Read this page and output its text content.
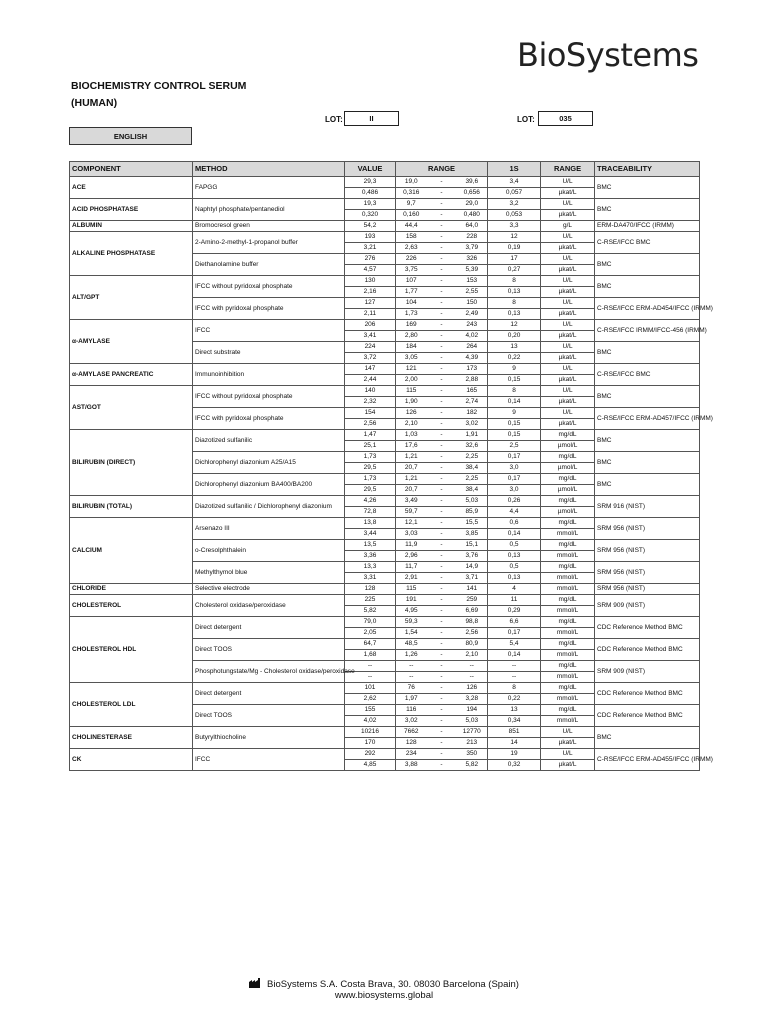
BioSystems
BIOCHEMISTRY CONTROL SERUM
(HUMAN)
LOT:	II	LOT:	035
ENGLISH
COMPONENT	METHOD	VALUE	RANGE			1S	RANGE	TRACEABILITY
ACE	FAPGG	29,3	19,0	-	39,6	3,4	U/L	BMC
		0,486	0,316	-	0,656	0,057	µkat/L	
ACID PHOSPHATASE	Naphtyl phosphate/pentanediol	19,3	9,7	-	29,0	3,2	U/L	BMC
		0,320	0,160	-	0,480	0,053	µkat/L	
ALBUMIN	Bromocresol green	54,2	44,4	-	64,0	3,3	g/L	ERM-DA470/IFCC (IRMM)
ALKALINE PHOSPHATASE	2-Amino-2-methyl-1-propanol buffer	193	158	-	228	12	U/L	C-RSE/IFCC BMC
		3,21	2,63	-	3,79	0,19	µkat/L	
	Diethanolamine buffer	276	226	-	326	17	U/L	BMC
		4,57	3,75	-	5,39	0,27	µkat/L	
ALT/GPT	IFCC without pyridoxal phosphate	130	107	-	153	8	U/L	BMC
		2,16	1,77	-	2,55	0,13	µkat/L	
	IFCC with pyridoxal phosphate	127	104	-	150	8	U/L	C-RSE/IFCC ERM-AD454/IFCC (IRMM)
		2,11	1,73	-	2,49	0,13	µkat/L	
α-AMYLASE	IFCC	206	169	-	243	12	U/L	C-RSE/IFCC IRMM/IFCC-456 (IRMM)
		3,41	2,80	-	4,02	0,20	µkat/L	
	Direct substrate	224	184	-	264	13	U/L	BMC
		3,72	3,05	-	4,39	0,22	µkat/L	
α-AMYLASE PANCREATIC	Immunoinhibition	147	121	-	173	9	U/L	C-RSE/IFCC BMC
		2,44	2,00	-	2,88	0,15	µkat/L	
AST/GOT	IFCC without pyridoxal phosphate	140	115	-	165	8	U/L	BMC
		2,32	1,90	-	2,74	0,14	µkat/L	
	IFCC with pyridoxal phosphate	154	126	-	182	9	U/L	C-RSE/IFCC ERM-AD457/IFCC (IRMM)
		2,56	2,10	-	3,02	0,15	µkat/L	
BILIRUBIN (DIRECT)	Diazotized sulfanilic	1,47	1,03	-	1,91	0,15	mg/dL	BMC
		25,1	17,6	-	32,6	2,5	µmol/L	
	Dichlorophenyl diazonium A25/A15	1,73	1,21	-	2,25	0,17	mg/dL	BMC
		29,5	20,7	-	38,4	3,0	µmol/L	
	Dichlorophenyl diazonium BA400/BA200	1,73	1,21	-	2,25	0,17	mg/dL	BMC
		29,5	20,7	-	38,4	3,0	µmol/L	
BILIRUBIN (TOTAL)	Diazotized sulfanilic / Dichlorophenyl diazonium	4,26	3,49	-	5,03	0,26	mg/dL	SRM 916 (NIST)
		72,8	59,7	-	85,9	4,4	µmol/L	
CALCIUM	Arsenazo III	13,8	12,1	-	15,5	0,6	mg/dL	SRM 956 (NIST)
		3,44	3,03	-	3,85	0,14	mmol/L	
	o-Cresolphthalein	13,5	11,9	-	15,1	0,5	mg/dL	SRM 956 (NIST)
		3,36	2,96	-	3,76	0,13	mmol/L	
	Methylthymol blue	13,3	11,7	-	14,9	0,5	mg/dL	SRM 956 (NIST)
		3,31	2,91	-	3,71	0,13	mmol/L	
CHLORIDE	Selective electrode	128	115	-	141	4	mmol/L	SRM 956 (NIST)
CHOLESTEROL	Cholesterol oxidase/peroxidase	225	191	-	259	11	mg/dL	SRM 909 (NIST)
		5,82	4,95	-	6,69	0,29	mmol/L	
CHOLESTEROL HDL	Direct detergent	79,0	59,3	-	98,8	6,6	mg/dL	CDC Reference Method BMC
		2,05	1,54	-	2,56	0,17	mmol/L	
	Direct TOOS	64,7	48,5	-	80,9	5,4	mg/dL	CDC Reference Method BMC
		1,68	1,26	-	2,10	0,14	mmol/L	
	Phosphotungstate/Mg - Cholesterol oxidase/peroxidase	--	--	-	--	--	mg/dL	SRM 909 (NIST)
		--	--	-	--	--	mmol/L	
CHOLESTEROL LDL	Direct detergent	101	76	-	126	8	mg/dL	CDC Reference Method BMC
		2,62	1,97	-	3,28	0,22	mmol/L	
	Direct TOOS	155	116	-	194	13	mg/dL	CDC Reference Method BMC
		4,02	3,02	-	5,03	0,34	mmol/L	
CHOLINESTERASE	Butyrylthiocholine	10216	7662	-	12770	851	U/L	BMC
		170	128	-	213	14	µkat/L	
CK	IFCC	292	234	-	350	19	U/L	C-RSE/IFCC ERM-AD455/IFCC (IRMM)
		4,85	3,88	-	5,82	0,32	µkat/L	
BioSystems S.A. Costa Brava, 30. 08030 Barcelona (Spain)
www.biosystems.global
